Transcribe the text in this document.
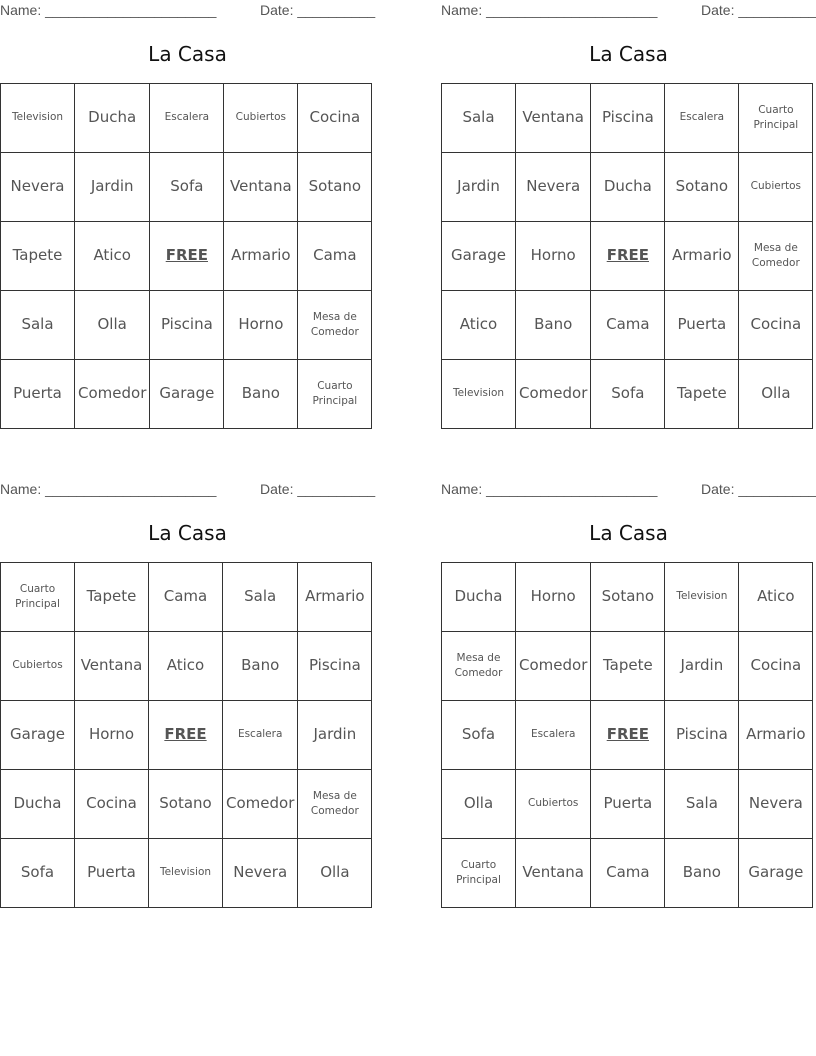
Name: ______________________	Date: __________
La Casa
Television	Ducha	Escalera	Cubiertos	Cocina
Nevera	Jardin	Sofa	Ventana	Sotano
Tapete	Atico	FREE	Armario	Cama
Sala	Olla	Piscina	Horno	Mesa de Comedor
Puerta	Comedor	Garage	Bano	Cuarto Principal
Name: ______________________	Date: __________
La Casa
Sala	Ventana	Piscina	Escalera	Cuarto Principal
Jardin	Nevera	Ducha	Sotano	Cubiertos
Garage	Horno	FREE	Armario	Mesa de Comedor
Atico	Bano	Cama	Puerta	Cocina
Television	Comedor	Sofa	Tapete	Olla
Name: ______________________	Date: __________
La Casa
Cuarto Principal	Tapete	Cama	Sala	Armario
Cubiertos	Ventana	Atico	Bano	Piscina
Garage	Horno	FREE	Escalera	Jardin
Ducha	Cocina	Sotano	Comedor	Mesa de Comedor
Sofa	Puerta	Television	Nevera	Olla
Name: ______________________	Date: __________
La Casa
Ducha	Horno	Sotano	Television	Atico
Mesa de Comedor	Comedor	Tapete	Jardin	Cocina
Sofa	Escalera	FREE	Piscina	Armario
Olla	Cubiertos	Puerta	Sala	Nevera
Cuarto Principal	Ventana	Cama	Bano	Garage
